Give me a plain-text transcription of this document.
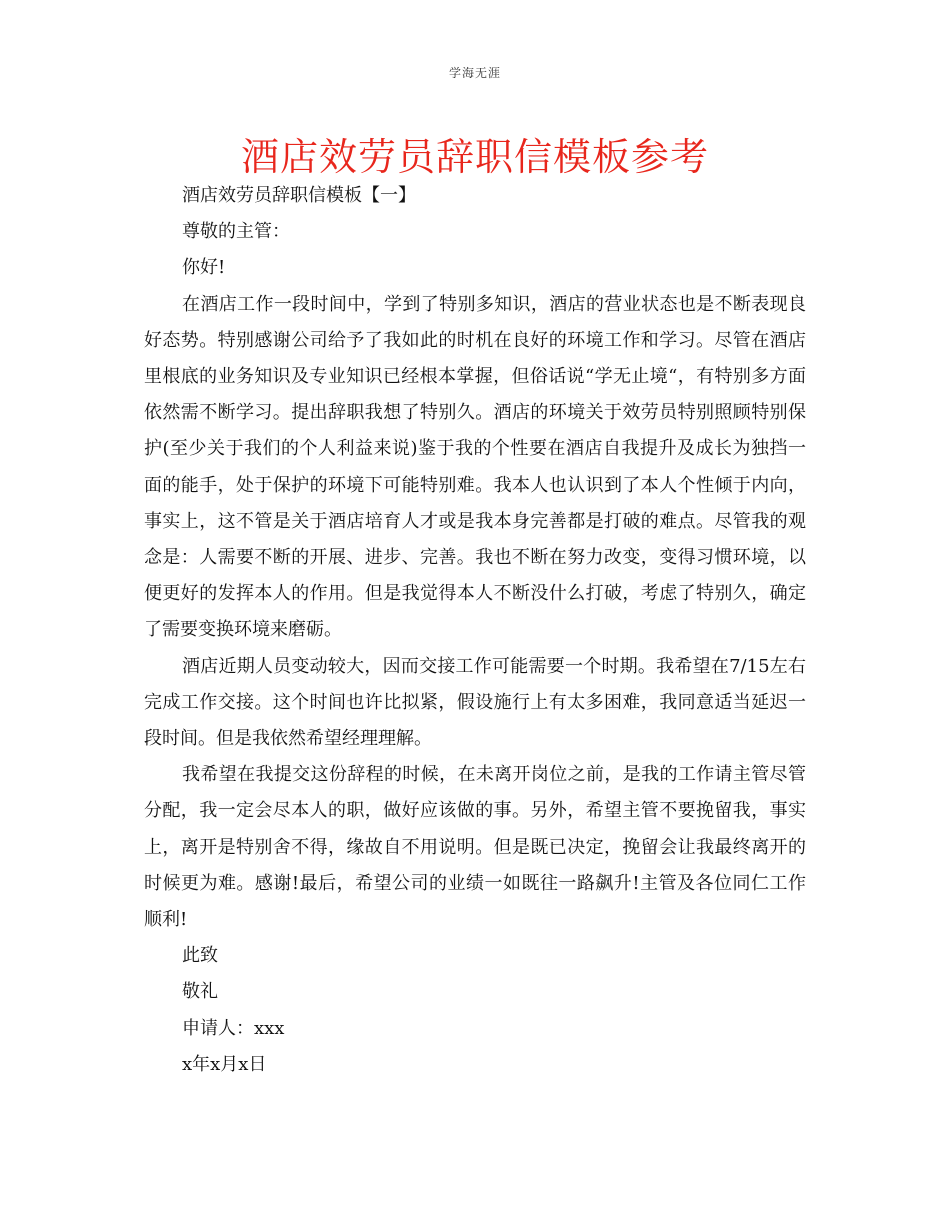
学海无涯
酒店效劳员辞职信模板参考

酒店效劳员辞职信模板【一】

尊敬的主管：

你好!

在酒店工作一段时间中，学到了特别多知识，酒店的营业状态也是不断表现良好态势。特别感谢公司给予了我如此的时机在良好的环境工作和学习。尽管在酒店里根底的业务知识及专业知识已经根本掌握，但俗话说“学无止境“，有特别多方面依然需不断学习。提出辞职我想了特别久。酒店的环境关于效劳员特别照顾特别保护(至少关于我们的个人利益来说)鉴于我的个性要在酒店自我提升及成长为独挡一面的能手，处于保护的环境下可能特别难。我本人也认识到了本人个性倾于内向，事实上，这不管是关于酒店培育人才或是我本身完善都是打破的难点。尽管我的观念是：人需要不断的开展、进步、完善。我也不断在努力改变，变得习惯环境，以便更好的发挥本人的作用。但是我觉得本人不断没什么打破，考虑了特别久，确定了需要变换环境来磨砺。

酒店近期人员变动较大，因而交接工作可能需要一个时期。我希望在7/15左右完成工作交接。这个时间也许比拟紧，假设施行上有太多困难，我同意适当延迟一段时间。但是我依然希望经理理解。

我希望在我提交这份辞程的时候，在未离开岗位之前，是我的工作请主管尽管分配，我一定会尽本人的职，做好应该做的事。另外，希望主管不要挽留我，事实上，离开是特别舍不得，缘故自不用说明。但是既已决定，挽留会让我最终离开的时候更为难。感谢!最后，希望公司的业绩一如既往一路飙升!主管及各位同仁工作顺利!

此致

敬礼

申请人：xxx

x年x月x日
